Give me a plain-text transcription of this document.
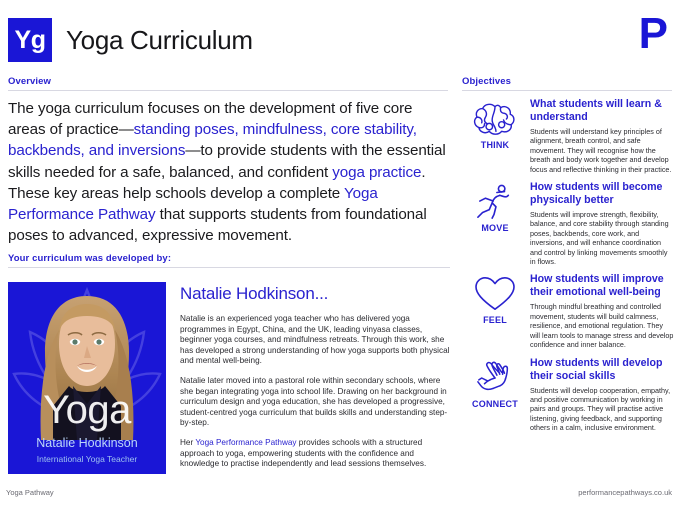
Yg Yoga Curriculum	P
Overview	Objectives
The yoga curriculum focuses on the development of five core areas of practice—standing poses, mindfulness, core stability, backbends, and inversions—to provide students with the essential skills needed for a safe, balanced, and confident yoga practice. These key areas help schools develop a complete Yoga Performance Pathway that supports students from foundational poses to advanced, expressive movement.
Your curriculum was developed by:
Yoga
Natalie Hodkinson
International Yoga Teacher
Natalie Hodkinson...

Natalie is an experienced yoga teacher who has delivered yoga programmes in Egypt, China, and the UK, leading vinyasa classes, beginner yoga courses, and mindfulness retreats. Through this work, she has developed a strong understanding of how yoga supports both physical and mental well-being.

Natalie later moved into a pastoral role within secondary schools, where she began integrating yoga into school life. Drawing on her background in curriculum design and yoga education, she has developed a progressive, student-centred yoga curriculum that builds skills and understanding step-by-step.

Her Yoga Performance Pathway provides schools with a structured approach to yoga, empowering students with the confidence and knowledge to practise independently and lead sessions themselves.

THINK

What students will learn & understand

Students will understand key principles of alignment, breath control, and safe movement. They will recognise how the breath and body work together and develop focus and reflective thinking in their practice.

MOVE

How students will become physically better

Students will improve strength, flexibility, balance, and core stability through standing poses, backbends, core work, and inversions, and will enhance coordination and control by linking movements smoothly in flows.

FEEL

How students will improve their emotional well-being

Through mindful breathing and controlled movement, students will build calmness, resilience, and emotional regulation. They will learn tools to manage stress and develop confidence and inner balance.

CONNECT

How students will develop their social skills

Students will develop cooperation, empathy, and positive communication by working in pairs and groups. They will practise active listening, giving feedback, and supporting others in a calm, inclusive environment.

Yoga Pathway	performancepathways.co.uk
